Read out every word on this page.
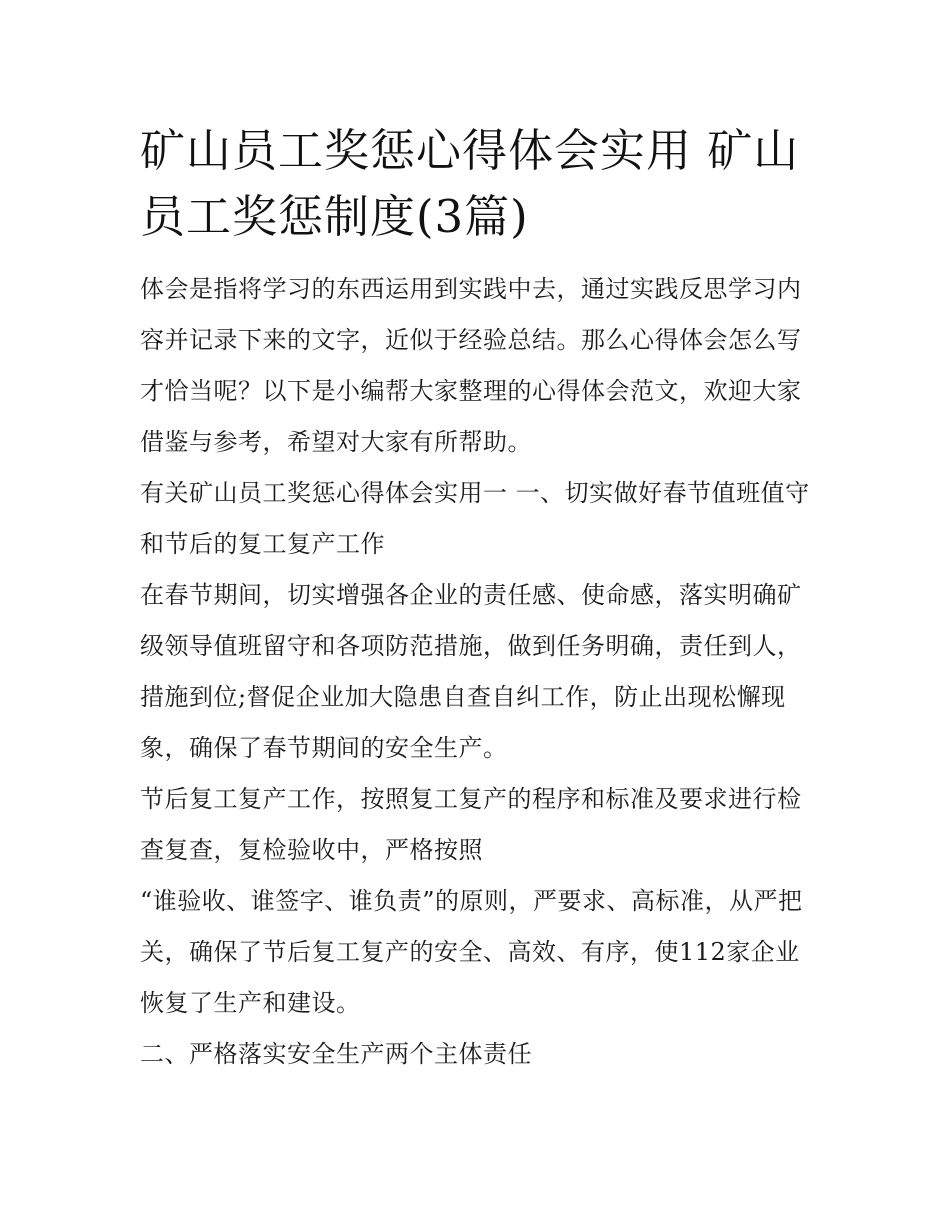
矿山员工奖惩心得体会实用 矿山员工奖惩制度(3篇)

体会是指将学习的东西运用到实践中去，通过实践反思学习内容并记录下来的文字，近似于经验总结。那么心得体会怎么写才恰当呢？以下是小编帮大家整理的心得体会范文，欢迎大家借鉴与参考，希望对大家有所帮助。

有关矿山员工奖惩心得体会实用一 一、切实做好春节值班值守和节后的复工复产工作

在春节期间，切实增强各企业的责任感、使命感，落实明确矿级领导值班留守和各项防范措施，做到任务明确，责任到人，措施到位;督促企业加大隐患自查自纠工作，防止出现松懈现象，确保了春节期间的安全生产。

节后复工复产工作，按照复工复产的程序和标准及要求进行检查复查，复检验收中，严格按照

“谁验收、谁签字、谁负责”的原则，严要求、高标准，从严把关，确保了节后复工复产的安全、高效、有序，使112家企业恢复了生产和建设。

二、严格落实安全生产两个主体责任
